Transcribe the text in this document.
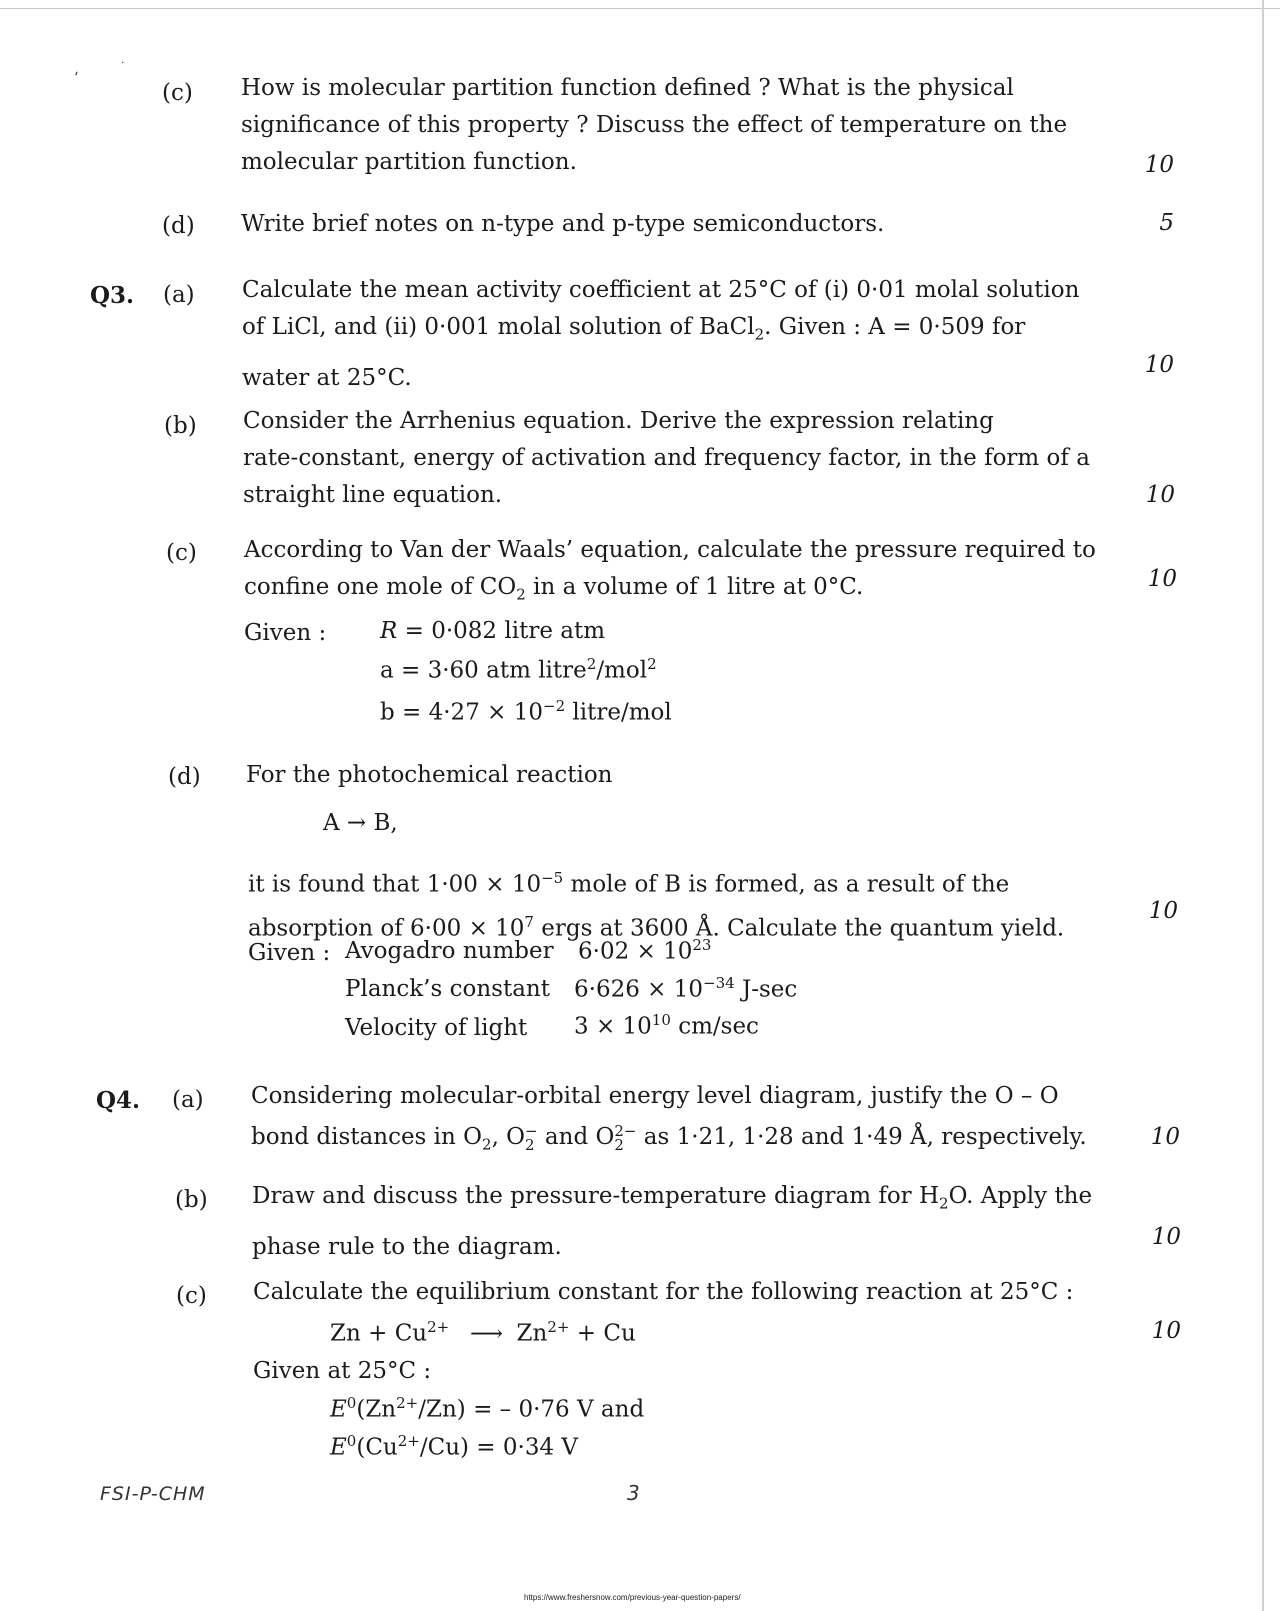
ʻ
·
(c) How is molecular partition function defined ? What is the physical
significance of this property ? Discuss the effect of temperature on the
molecular partition function.	10
(d) Write brief notes on n-type and p-type semiconductors.	5
Q3. (a) Calculate the mean activity coefficient at 25°C of (i) 0·01 molal solution
of LiCl, and (ii) 0·001 molal solution of BaCl$_2$. Given : A = 0·509 for
water at 25°C.	10
(b) Consider the Arrhenius equation. Derive the expression relating
rate-constant, energy of activation and frequency factor, in the form of a
straight line equation.	10
(c) According to Van der Waals’ equation, calculate the pressure required to
confine one mole of $CO_2$ in a volume of 1 litre at 0°C.	10
Given : R = 0·082 litre atm
a = 3·60 atm litre$^2$/mol$^2$
$b = 4\cdot 27 \times 10^{-2}$ litre/mol
(d) For the photochemical reaction
A → B,
it is found that $1\cdot 00 \times 10^{-5}$ mole of B is formed, as a result of the
absorption of $6\cdot 00 \times 10^7$ ergs at 3600 Å. Calculate the quantum yield.
10
Given : Avogadro number $6\cdot 02 \times 10^{23}$
Planck’s constant $6\cdot 626 \times 10^{-34}$ J-sec
Velocity of light $3 \times 10^{10}$ cm/sec
Q4. (a) Considering molecular-orbital energy level diagram, justify the O – O
bond distances in $O_2$, O −
2 and O 2−
2 as 1·21, 1·28 and 1·49 Å, respectively.	10
(b) Draw and discuss the pressure-temperature diagram for $H_2O$. Apply the
phase rule to the diagram.	10
(c) Calculate the equilibrium constant for the following reaction at 25°C :
$Zn + Cu^{2+}$ ⟶ $Zn^{2+} + Cu$	10
Given at 25°C :
$E^0(Zn^{2+}/Zn)$ = – 0·76 V and
$E^0(Cu^{2+}/Cu) = 0\cdot 34$ V
FSI-P-CHM	3
https://www.freshersnow.com/previous-year-question-papers/
